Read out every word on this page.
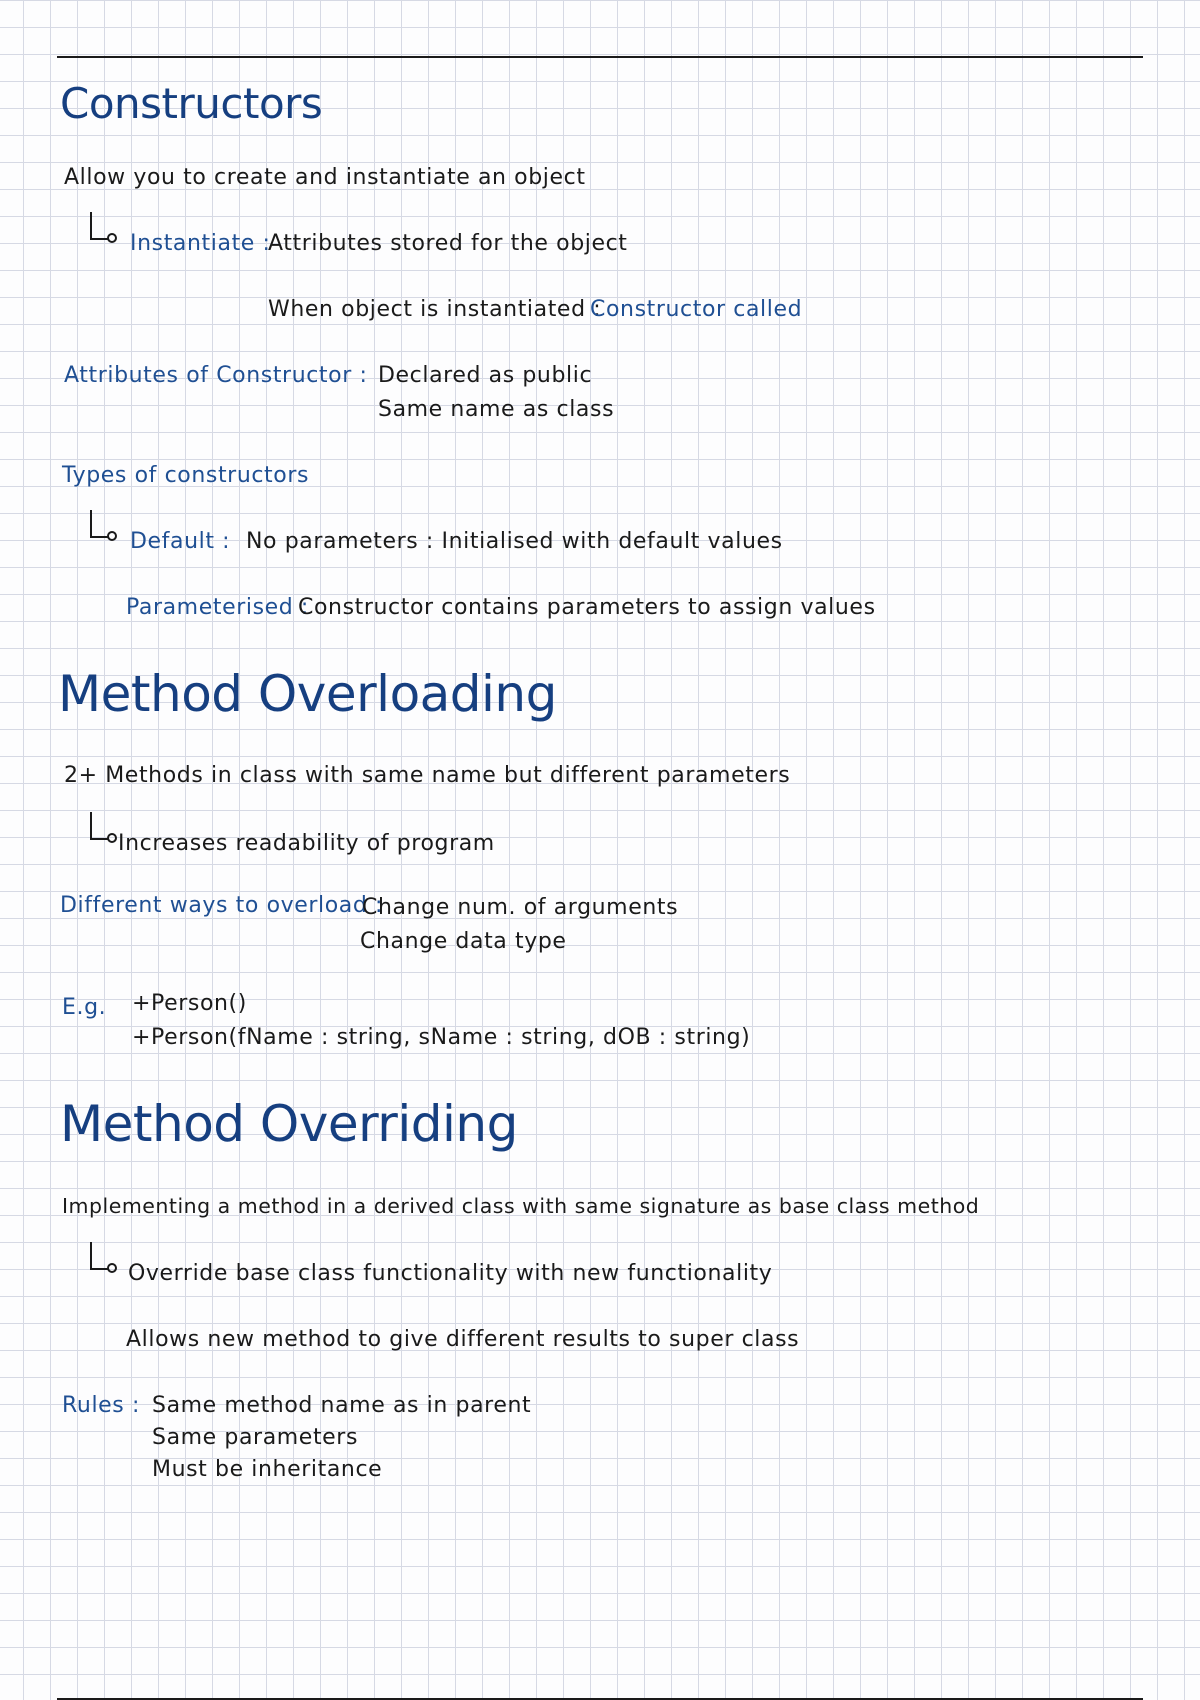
Constructors
Allow you to create and instantiate an object
Instantiate :
Attributes stored for the object
When object is instantiated :
Constructor called
Attributes of Constructor : Declared as public
Same name as class
Types of constructors
Default : No parameters : Initialised with default values
Parameterised :
Constructor contains parameters to assign values
Method Overloading
2+ Methods in class with same name but different parameters
Increases readability of program
Different ways to overload :
Change num. of arguments
Change data type
E.g. +Person()
+Person(fName : string, sName : string, dOB : string)
Method Overriding
Implementing a method in a derived class with same signature as base class method
Override base class functionality with new functionality
Allows new method to give different results to super class
Rules : Same method name as in parent
Same parameters
Must be inheritance
